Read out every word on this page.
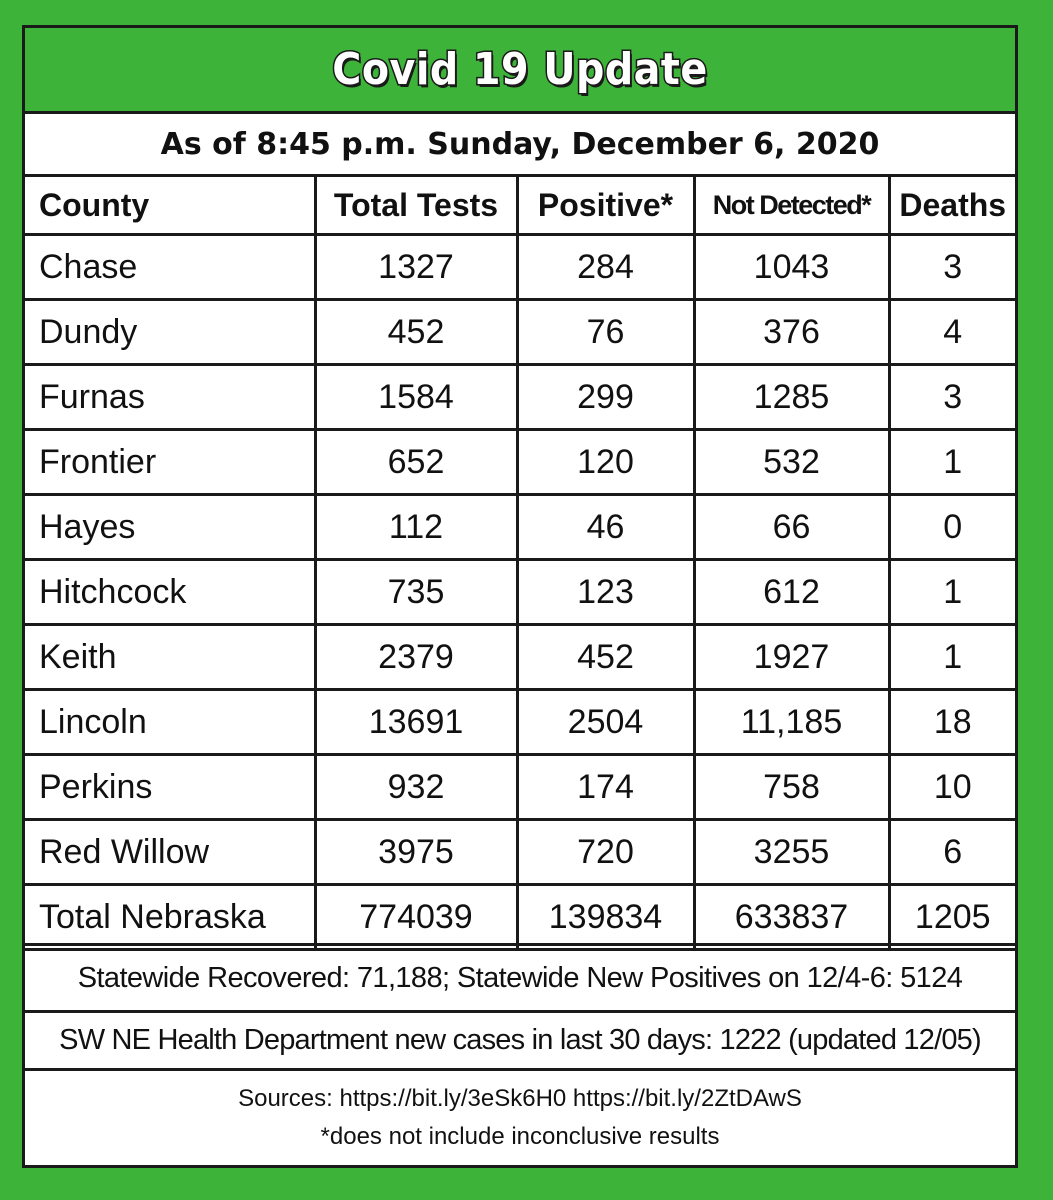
Covid 19 Update
As of 8:45 p.m. Sunday, December 6, 2020
County	Total Tests	Positive*	Not Detected*	Deaths
Chase	1327	284	1043	3
Dundy	452	76	376	4
Furnas	1584	299	1285	3
Frontier	652	120	532	1
Hayes	112	46	66	0
Hitchcock	735	123	612	1
Keith	2379	452	1927	1
Lincoln	13691	2504	11,185	18
Perkins	932	174	758	10
Red Willow	3975	720	3255	6
Total Nebraska	774039	139834	633837	1205
Statewide Recovered: 71,188; Statewide New Positives on 12/4-6: 5124
SW NE Health Department new cases in last 30 days: 1222 (updated 12/05)
Sources: https://bit.ly/3eSk6H0 https://bit.ly/2ZtDAwS
*does not include inconclusive results
